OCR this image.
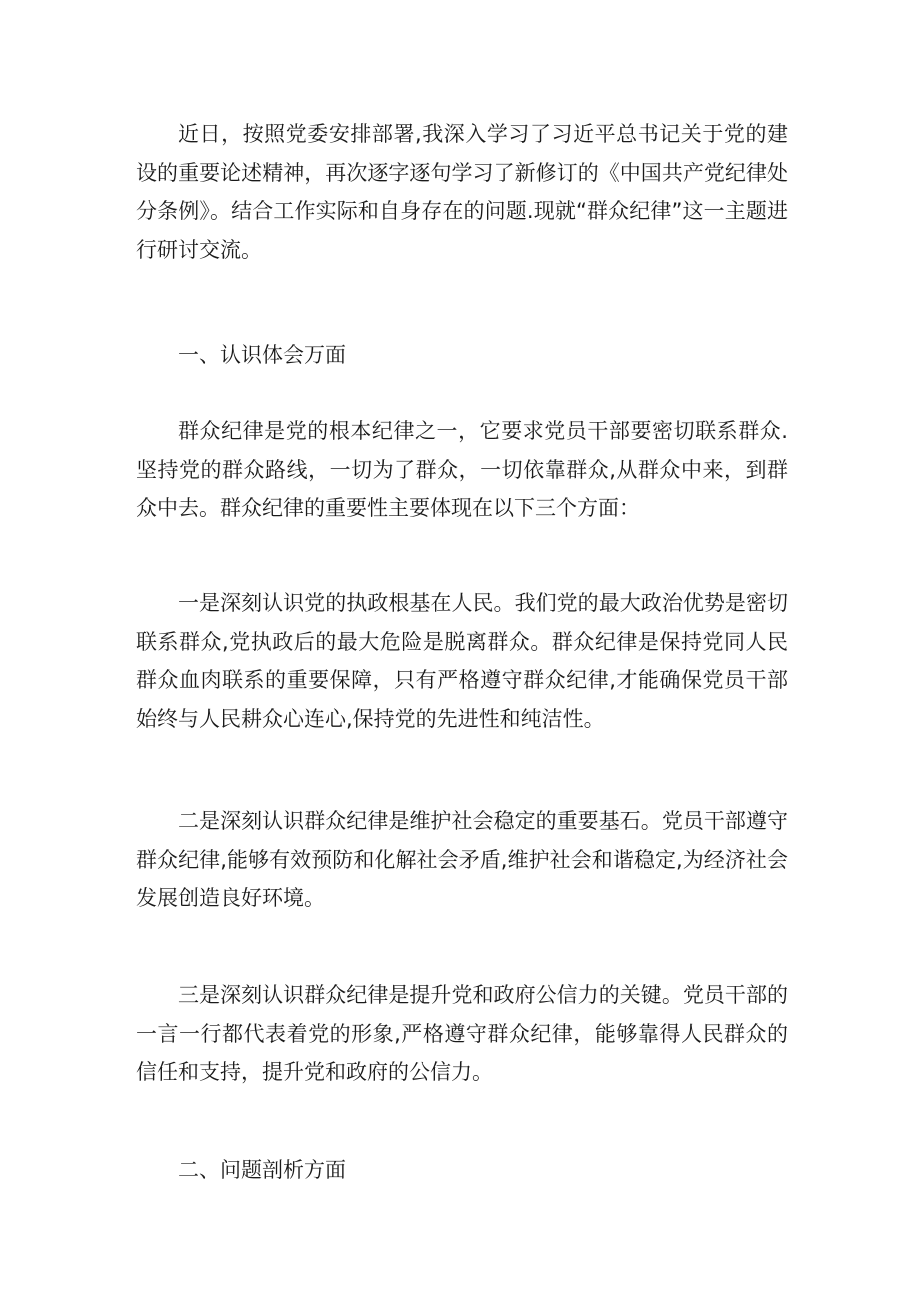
近日，按照党委安排部署,我深入学习了习近平总书记关于党的建设的重要论述精神，再次逐字逐句学习了新修订的《中国共产党纪律处分条例》。结合工作实际和自身存在的问题.现就“群众纪律”这一主题进行研讨交流。

一、认识体会万面

群众纪律是党的根本纪律之一，它要求党员干部要密切联系群众.坚持党的群众路线，一切为了群众，一切依靠群众,从群众中来，到群众中去。群众纪律的重要性主要体现在以下三个方面：

一是深刻认识党的执政根基在人民。我们党的最大政治优势是密切联系群众,党执政后的最大危险是脱离群众。群众纪律是保持党同人民群众血肉联系的重要保障，只有严格遵守群众纪律,才能确保党员干部始终与人民耕众心连心,保持党的先进性和纯洁性。

二是深刻认识群众纪律是维护社会稳定的重要基石。党员干部遵守群众纪律,能够有效预防和化解社会矛盾,维护社会和谐稳定,为经济社会发展创造良好环境。

三是深刻认识群众纪律是提升党和政府公信力的关键。党员干部的一言一行都代表着党的形象,严格遵守群众纪律，能够靠得人民群众的信任和支持，提升党和政府的公信力。

二、问题剖析方面
